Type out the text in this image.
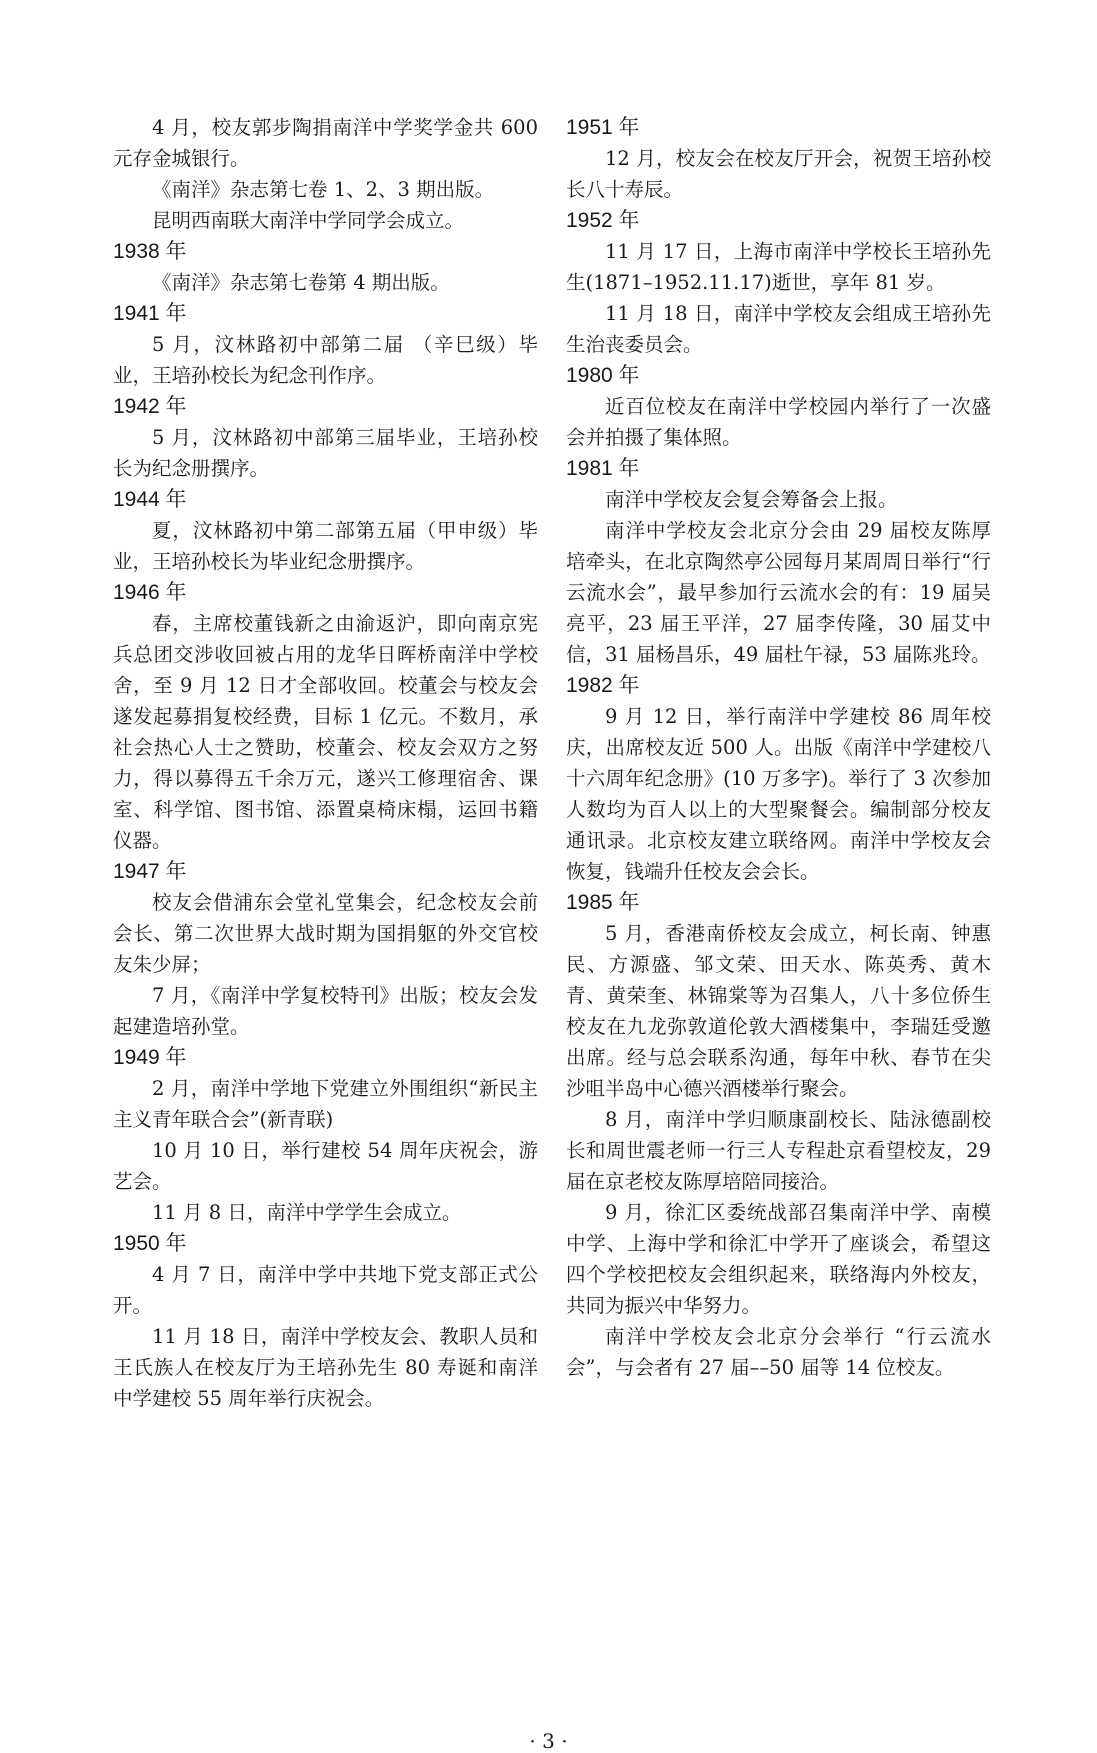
4 月，校友郭步陶捐南洋中学奖学金共 600 元存金城银行。
《南洋》杂志第七卷 1、2、3 期出版。
昆明西南联大南洋中学同学会成立。
1938 年
《南洋》杂志第七卷第 4 期出版。
1941 年
5 月，汶林路初中部第二届 （辛巳级）毕业，王培孙校长为纪念刊作序。
1942 年
5 月，汶林路初中部第三届毕业，王培孙校长为纪念册撰序。
1944 年
夏，汶林路初中第二部第五届（甲申级）毕业，王培孙校长为毕业纪念册撰序。
1946 年
春，主席校董钱新之由渝返沪，即向南京宪兵总团交涉收回被占用的龙华日晖桥南洋中学校舍，至 9 月 12 日才全部收回。校董会与校友会遂发起募捐复校经费，目标 1 亿元。不数月，承社会热心人士之赞助，校董会、校友会双方之努力，得以募得五千余万元，遂兴工修理宿舍、课室、科学馆、图书馆、添置桌椅床榻，运回书籍仪器。
1947 年
校友会借浦东会堂礼堂集会，纪念校友会前会长、第二次世界大战时期为国捐躯的外交官校友朱少屏；
7 月，《南洋中学复校特刊》出版；校友会发起建造培孙堂。
1949 年
2 月，南洋中学地下党建立外围组织“新民主主义青年联合会”(新青联)
10 月 10 日，举行建校 54 周年庆祝会，游艺会。
11 月 8 日，南洋中学学生会成立。
1950 年
4 月 7 日，南洋中学中共地下党支部正式公开。
11 月 18 日，南洋中学校友会、教职人员和王氏族人在校友厅为王培孙先生 80 寿诞和南洋中学建校 55 周年举行庆祝会。
1951 年
12 月，校友会在校友厅开会，祝贺王培孙校长八十寿辰。
1952 年
11 月 17 日，上海市南洋中学校长王培孙先生(1871–1952.11.17)逝世，享年 81 岁。
11 月 18 日，南洋中学校友会组成王培孙先生治丧委员会。
1980 年
近百位校友在南洋中学校园内举行了一次盛会并拍摄了集体照。
1981 年
南洋中学校友会复会筹备会上报。
南洋中学校友会北京分会由 29 届校友陈厚培牵头，在北京陶然亭公园每月某周周日举行“行云流水会”，最早参加行云流水会的有：19 届吴亮平，23 届王平洋，27 届李传隆，30 届艾中信，31 届杨昌乐，49 届杜午禄，53 届陈兆玲。
1982 年
9 月 12 日，举行南洋中学建校 86 周年校庆，出席校友近 500 人。出版《南洋中学建校八十六周年纪念册》(10 万多字)。举行了 3 次参加人数均为百人以上的大型聚餐会。编制部分校友通讯录。北京校友建立联络网。南洋中学校友会恢复，钱端升任校友会会长。
1985 年
5 月，香港南侨校友会成立，柯长南、钟惠民、方源盛、邹文荣、田天水、陈英秀、黄木青、黄荣奎、林锦棠等为召集人，八十多位侨生校友在九龙弥敦道伦敦大酒楼集中，李瑞廷受邀出席。经与总会联系沟通，每年中秋、春节在尖沙咀半岛中心德兴酒楼举行聚会。
8 月，南洋中学归顺康副校长、陆泳德副校长和周世震老师一行三人专程赴京看望校友，29 届在京老校友陈厚培陪同接洽。
9 月，徐汇区委统战部召集南洋中学、南模中学、上海中学和徐汇中学开了座谈会，希望这四个学校把校友会组织起来，联络海内外校友，共同为振兴中华努力。
南洋中学校友会北京分会举行 “行云流水会”，与会者有 27 届––50 届等 14 位校友。
· 3 ·
